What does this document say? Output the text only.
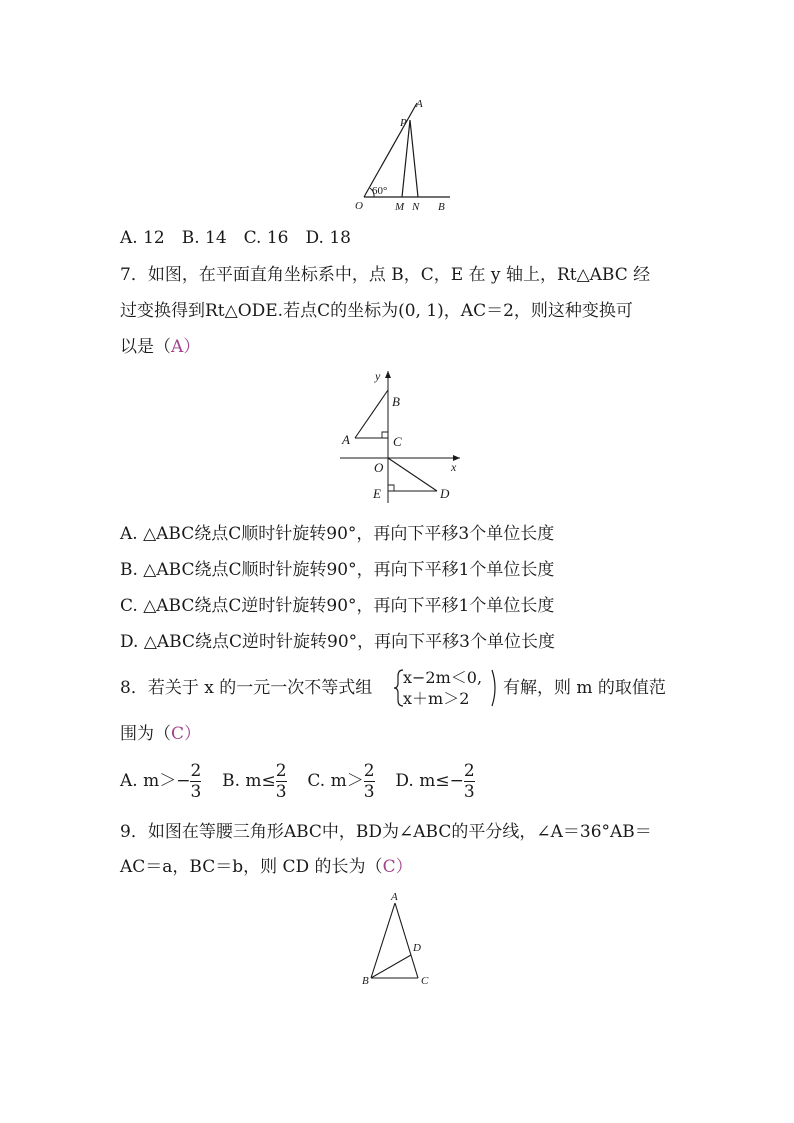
A
P
60°
O	M N B
A. 12　B. 14　C. 16　D. 18
7．如图，在平面直角坐标系中，点 B，C，E 在 y 轴上，Rt△ABC 经
过变换得到Rt△ODE.若点C的坐标为(0, 1)，AC＝2，则这种变换可
以是（A）
y
x
B
A	C
O
E	D
A. △ABC绕点C顺时针旋转90°，再向下平移3个单位长度
B. △ABC绕点C顺时针旋转90°，再向下平移1个单位长度
C. △ABC绕点C逆时针旋转90°，再向下平移1个单位长度
D. △ABC绕点C逆时针旋转90°，再向下平移3个单位长度
8．若关于 x 的一元一次不等式组
x−2m＜0,
x＋m＞2
有解，则 m 的取值范
围为（C）
A. $m>- \frac{2}{3} B$. $m\le \frac{2}{3} C$. $m> \frac{2}{3} D$. $m\le- \frac{2}{3}$
9．如图在等腰三角形ABC中，BD为∠ABC的平分线，∠A＝36°AB＝
AC＝a，BC＝b，则 CD 的长为（C）
A
B	C
D
